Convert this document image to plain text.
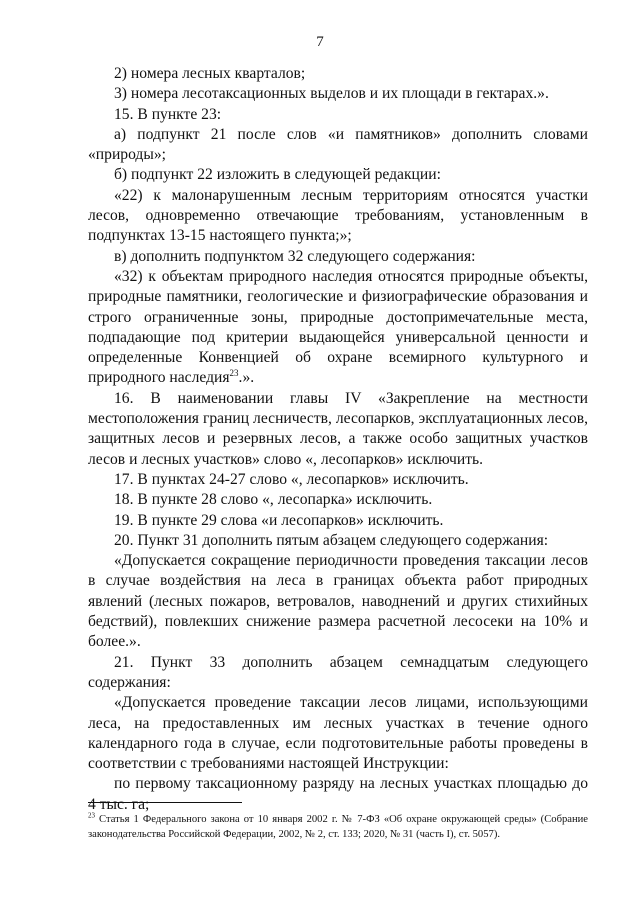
7

2) номера лесных кварталов;

3) номера лесотаксационных выделов и их площади в гектарах.».

15. В пункте 23:

а) подпункт 21 после слов «и памятников» дополнить словами «природы»;

б) подпункт 22 изложить в следующей редакции:

«22) к малонарушенным лесным территориям относятся участки лесов, одновременно отвечающие требованиям, установленным в подпунктах 13-15 настоящего пункта;»;

в) дополнить подпунктом 32 следующего содержания:

«32) к объектам природного наследия относятся природные объекты, природные памятники, геологические и физиографические образования и строго ограниченные зоны, природные достопримечательные места, подпадающие под критерии выдающейся универсальной ценности и определенные Конвенцией об охране всемирного культурного и природного наследия$^{23}$.».

16. В наименовании главы IV «Закрепление на местности местоположения границ лесничеств, лесопарков, эксплуатационных лесов, защитных лесов и резервных лесов, а также особо защитных участков лесов и лесных участков» слово «, лесопарков» исключить.

17. В пунктах 24-27 слово «, лесопарков» исключить.

18. В пункте 28 слово «, лесопарка» исключить.

19. В пункте 29 слова «и лесопарков» исключить.

20. Пункт 31 дополнить пятым абзацем следующего содержания:

«Допускается сокращение периодичности проведения таксации лесов в случае воздействия на леса в границах объекта работ природных явлений (лесных пожаров, ветровалов, наводнений и других стихийных бедствий), повлекших снижение размера расчетной лесосеки на 10% и более.».

21. Пункт 33 дополнить абзацем семнадцатым следующего содержания:

«Допускается проведение таксации лесов лицами, использующими леса, на предоставленных им лесных участках в течение одного календарного года в случае, если подготовительные работы проведены в соответствии с требованиями настоящей Инструкции:

по первому таксационному разряду на лесных участках площадью до 4 тыс. га;

$^{23}$ Статья 1 Федерального закона от 10 января 2002 г. № 7-ФЗ «Об охране окружающей среды» (Собрание законодательства Российской Федерации, 2002, № 2, ст. 133; 2020, № 31 (часть I), ст. 5057).
